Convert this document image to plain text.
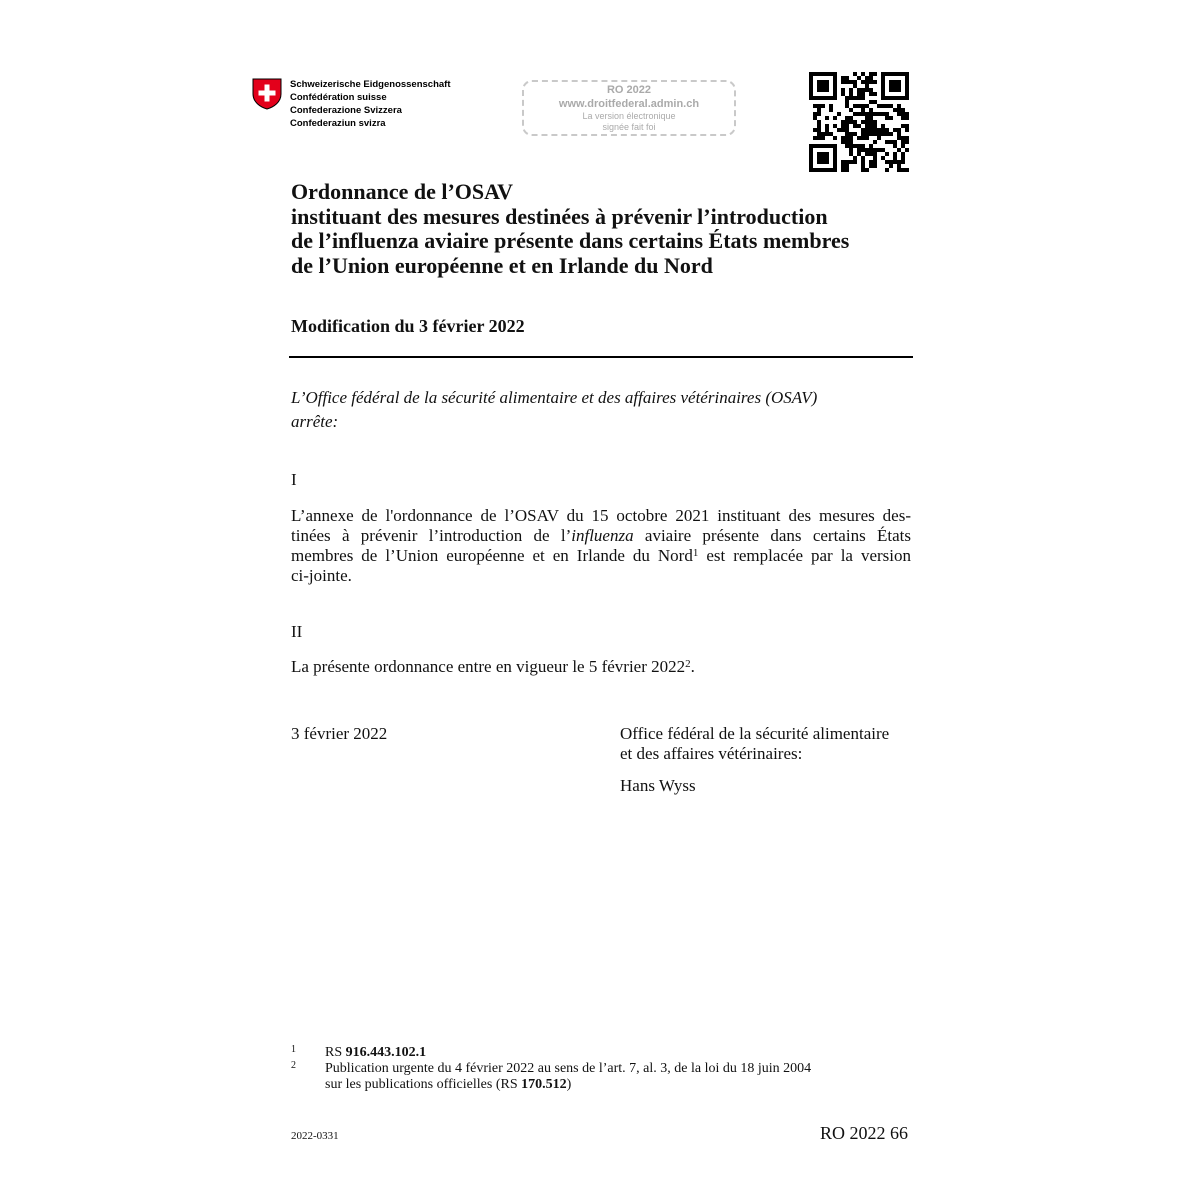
Schweizerische Eidgenossenschaft
Confédération suisse
Confederazione Svizzera
Confederaziun svizra
RO 2022
www.droitfederal.admin.ch
La version électronique
signée fait foi
Ordonnance de l’OSAV
instituant des mesures destinées à prévenir l’introduction
de l’influenza aviaire présente dans certains États membres
de l’Union européenne et en Irlande du Nord
Modification du 3 février 2022
L’Office fédéral de la sécurité alimentaire et des affaires vétérinaires (OSAV)
arrête:
I
L’annexe de l'ordonnance de l’OSAV du 15 octobre 2021 instituant des mesures des-
tinées à prévenir l’introduction de l’influenza aviaire présente dans certains États
membres de l’Union européenne et en Irlande du Nord$^1$ est remplacée par la version
ci-jointe.
II
La présente ordonnance entre en vigueur le 5 février 2022$^2$.
3 février 2022	Office fédéral de la sécurité alimentaire
et des affaires vétérinaires:
Hans Wyss
1 RS 916.443.102.1
2 Publication urgente du 4 février 2022 au sens de l’art. 7, al. 3, de la loi du 18 juin 2004
sur les publications officielles (RS 170.512)
2022-0331	RO 2022 66
